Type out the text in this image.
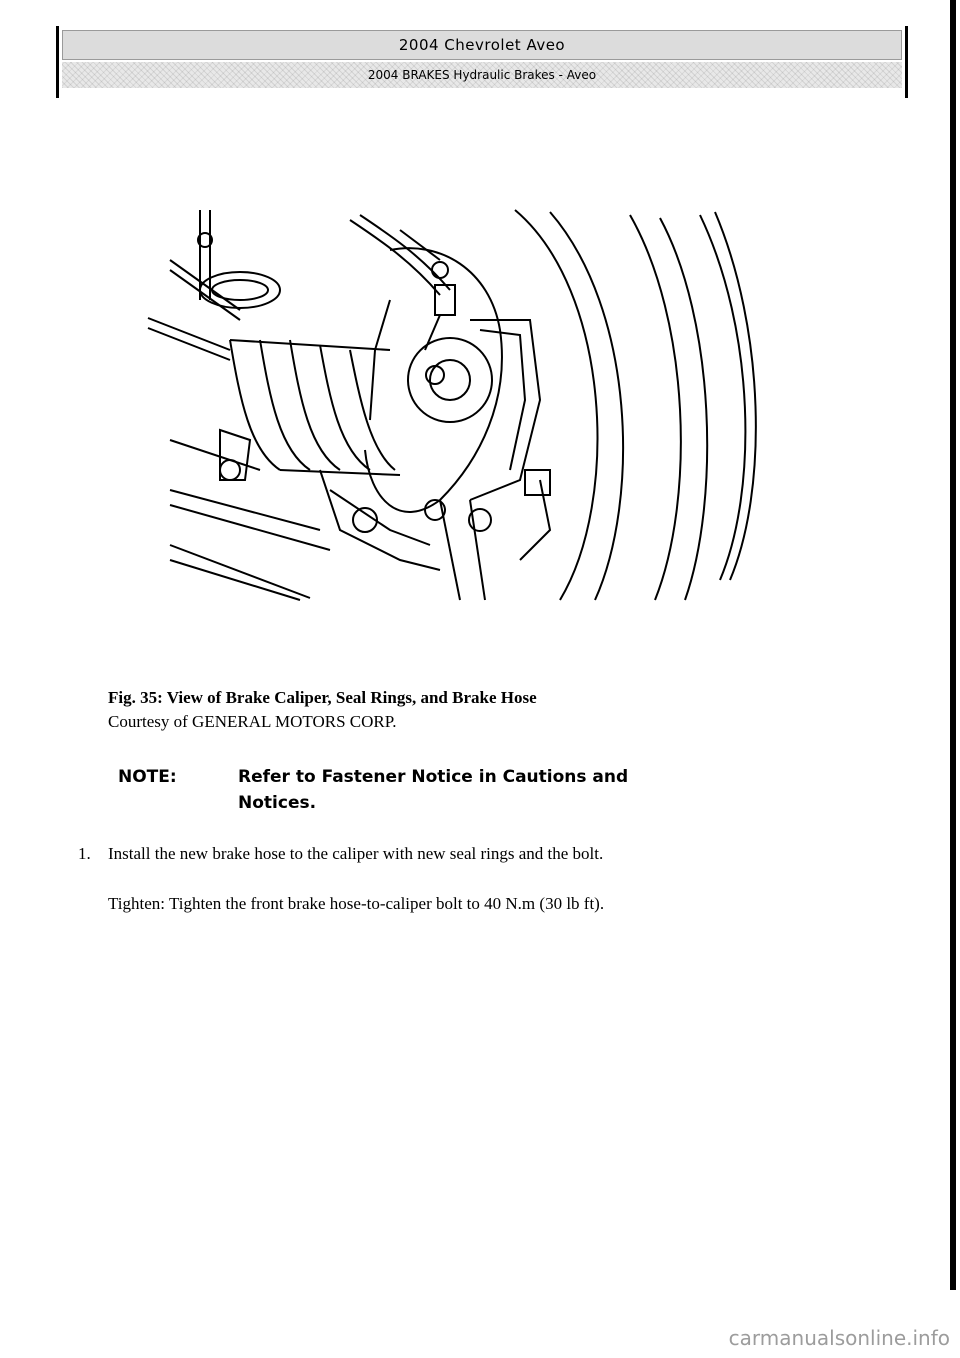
2004 Chevrolet Aveo
2004 BRAKES Hydraulic Brakes - Aveo
Fig. 35: View of Brake Caliper, Seal Rings, and Brake Hose
Courtesy of GENERAL MOTORS CORP.
NOTE:	Refer to Fastener Notice in Cautions and Notices.
1. Install the new brake hose to the caliper with new seal rings and the bolt.
Tighten: Tighten the front brake hose-to-caliper bolt to 40 N.m (30 lb ft).
carmanualsonline.info
